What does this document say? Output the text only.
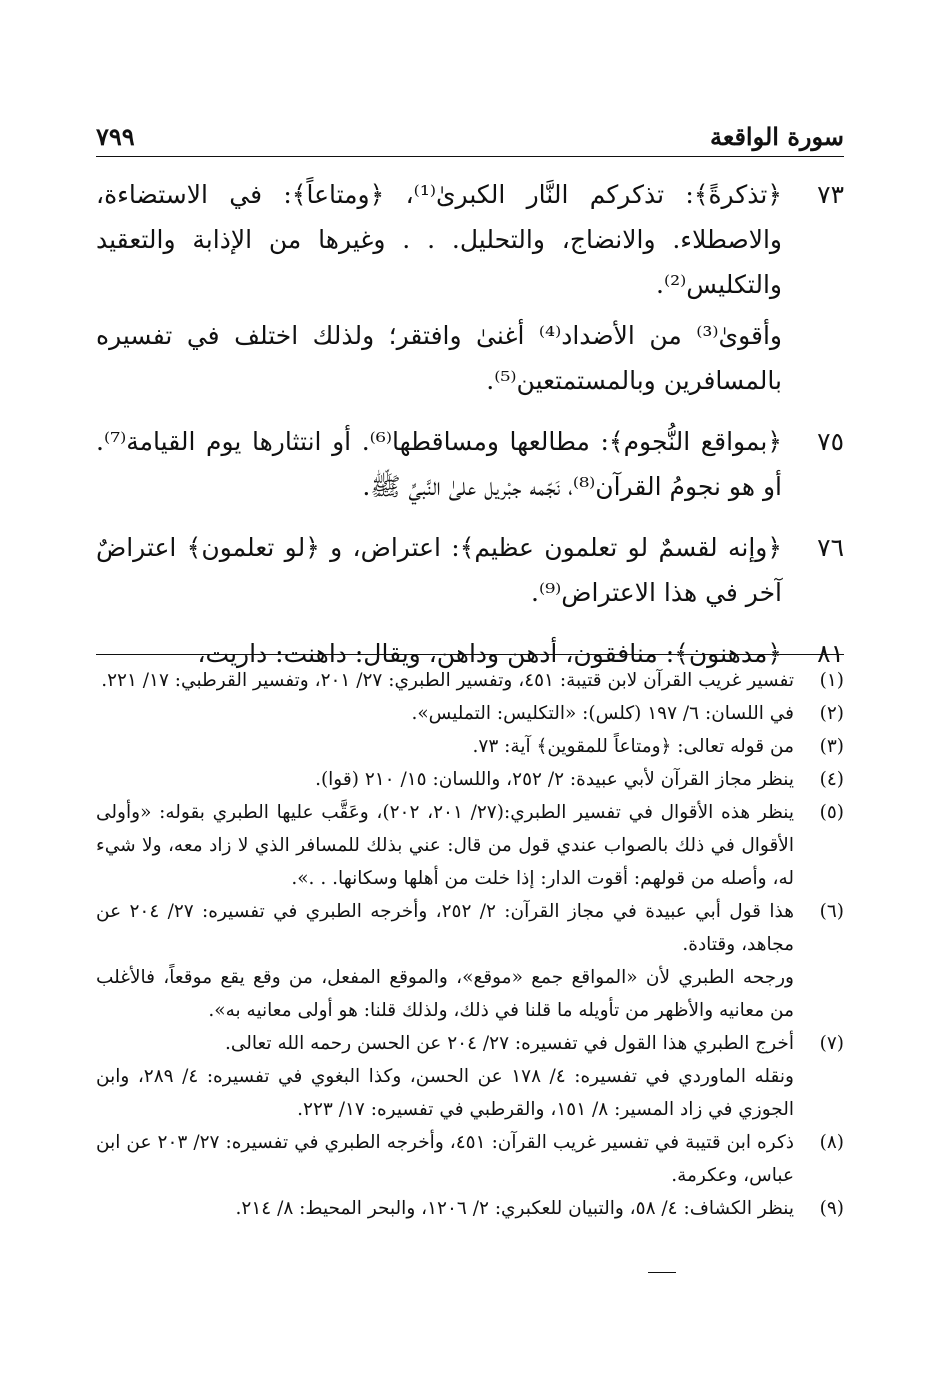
سورة الواقعة
٧٩٩
٧٣

﴿تذكرةً﴾: تذكركم النَّار الكبرىٰ⁽¹⁾، ﴿ومتاعاً﴾: في الاستضاءة، والاصطلاء. والانضاج، والتحليل. . . وغيرها من الإذابة والتعقيد والتكليس⁽²⁾.

وأقوىٰ⁽³⁾ من الأضداد⁽⁴⁾ أغنىٰ وافتقر؛ ولذلك اختلف في تفسيره بالمسافرين وبالمستمتعين⁽⁵⁾.

٧٥

﴿بمواقع النُّجوم﴾: مطالعها ومساقطها⁽⁶⁾. أو انتثارها يوم القيامة⁽⁷⁾. أو هو نجومُ القرآن⁽⁸⁾، نَجّمه جبْريل علىٰ النَّبيِّ ﷺ.

٧٦

﴿وإنه لقسمٌ لو تعلمون عظيم﴾: اعتراض، و ﴿لو تعلمون﴾ اعتراضٌ آخر في هذا الاعتراض⁽⁹⁾.

٨١

﴿مدهنون﴾: منافقون، أدهن وداهن، ويقال: داهنت: داريت،

(١)

تفسير غريب القرآن لابن قتيبة: ٤٥١، وتفسير الطبري: ٢٧/ ٢٠١، وتفسير القرطبي: ١٧/ ٢٢١.

(٢)

في اللسان: ٦/ ١٩٧ (كلس): «التكليس: التمليس».

(٣)

من قوله تعالى: ﴿ومتاعاً للمقوين﴾ آية: ٧٣.

(٤)

ينظر مجاز القرآن لأبي عبيدة: ٢/ ٢٥٢، واللسان: ١٥/ ٢١٠ (قوا).

(٥)

ينظر هذه الأقوال في تفسير الطبري:(٢٧/ ٢٠١، ٢٠٢)، وعَقَّب عليها الطبري بقوله: «وأولى الأقوال في ذلك بالصواب عندي قول من قال: عني بذلك للمسافر الذي لا زاد معه، ولا شيء له، وأصله من قولهم: أقوت الدار: إذا خلت من أهلها وسكانها. . .».

(٦)

هذا قول أبي عبيدة في مجاز القرآن: ٢/ ٢٥٢، وأخرجه الطبري في تفسيره: ٢٧/ ٢٠٤ عن مجاهد، وقتادة.

ورجحه الطبري لأن «المواقع جمع «موقع»، والموقع المفعل، من وقع يقع موقعاً، فالأغلب من معانيه والأظهر من تأويله ما قلنا في ذلك، ولذلك قلنا: هو أولى معانيه به».

(٧)

أخرج الطبري هذا القول في تفسيره: ٢٧/ ٢٠٤ عن الحسن رحمه الله تعالى.

ونقله الماوردي في تفسيره: ٤/ ١٧٨ عن الحسن، وكذا البغوي في تفسيره: ٤/ ٢٨٩، وابن الجوزي في زاد المسير: ٨/ ١٥١، والقرطبي في تفسيره: ١٧/ ٢٢٣.

(٨)

ذكره ابن قتيبة في تفسير غريب القرآن: ٤٥١، وأخرجه الطبري في تفسيره: ٢٧/ ٢٠٣ عن ابن عباس، وعكرمة.

(٩)

ينظر الكشاف: ٤/ ٥٨، والتبيان للعكبري: ٢/ ١٢٠٦، والبحر المحيط: ٨/ ٢١٤.
